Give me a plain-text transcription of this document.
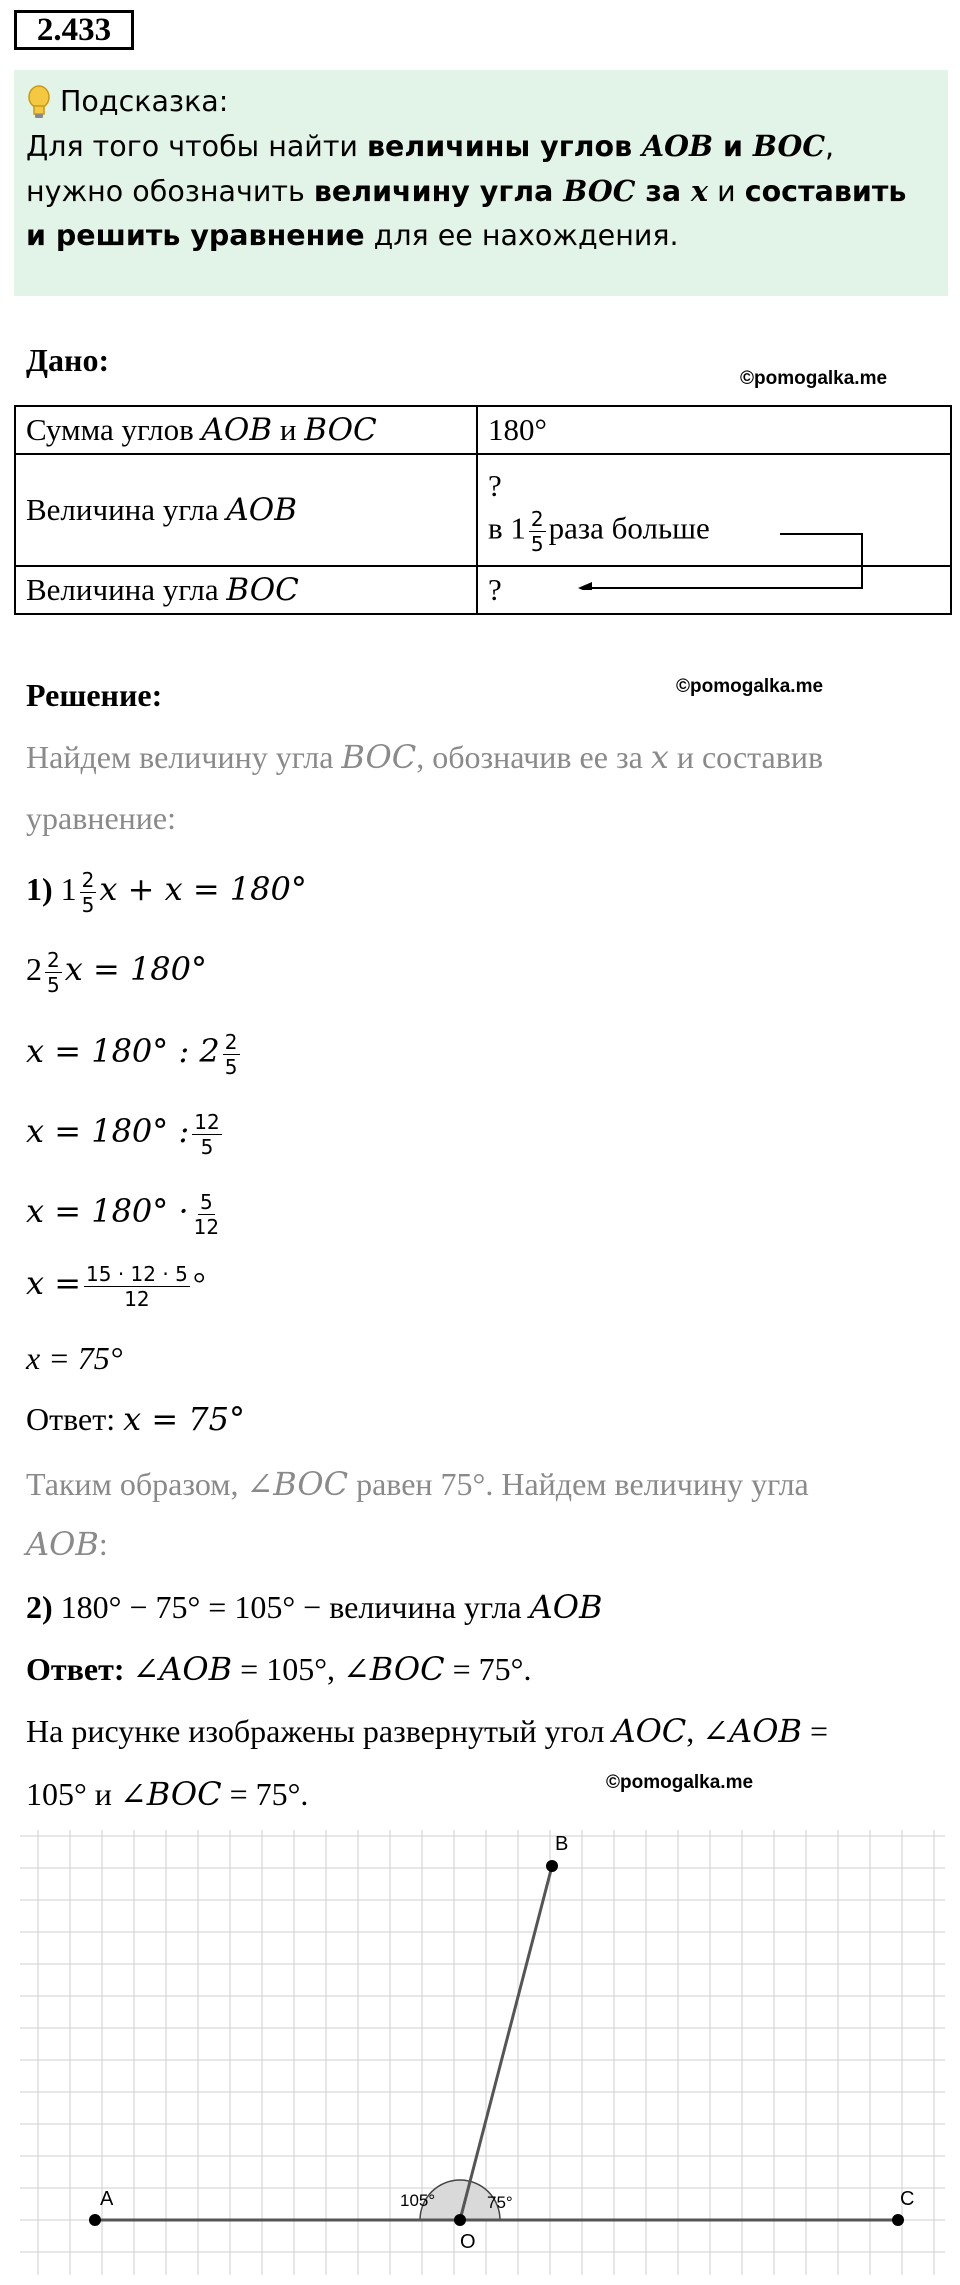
2.433
Подсказка:
Для того чтобы найти величины углов AOB и BOC, нужно обозначить величину угла BOC за x и составить и решить уравнение для ее нахождения.
Дано:
©pomogalka.me
Сумма углов AOB и BOC	180°
Величина угла AOB	?
в $1 \frac{2}{5}$ раза больше

Величина угла BOC	?
Решение:	©pomogalka.me
Найдем величину угла BOC, обозначив ее за x и составив
уравнение:
1) $1 \frac{2}{5}$ x + x = 180°
$2 \frac{2}{5}$ x = 180°
x = 180° : $2 \frac{2}{5}$
x = 180° : $\frac{12}{5}$
$x = 180^\circ \cdot \frac{5}{12}$
$x = \frac{15 \cdot 12 \cdot 5}{12}$ °
x = 75°
Ответ: x = 75°
Таким образом, ∠BOC равен 75°. Найдем величину угла
AOB:
2) 180° − 75° = 105° − величина угла AOB
Ответ: ∠AOB = 105°, ∠BOC = 75°.
На рисунке изображены развернутый угол AOC, ∠AOB =
105° и ∠BOC = 75°.	©pomogalka.me
A
B
C
O
105°	75°
